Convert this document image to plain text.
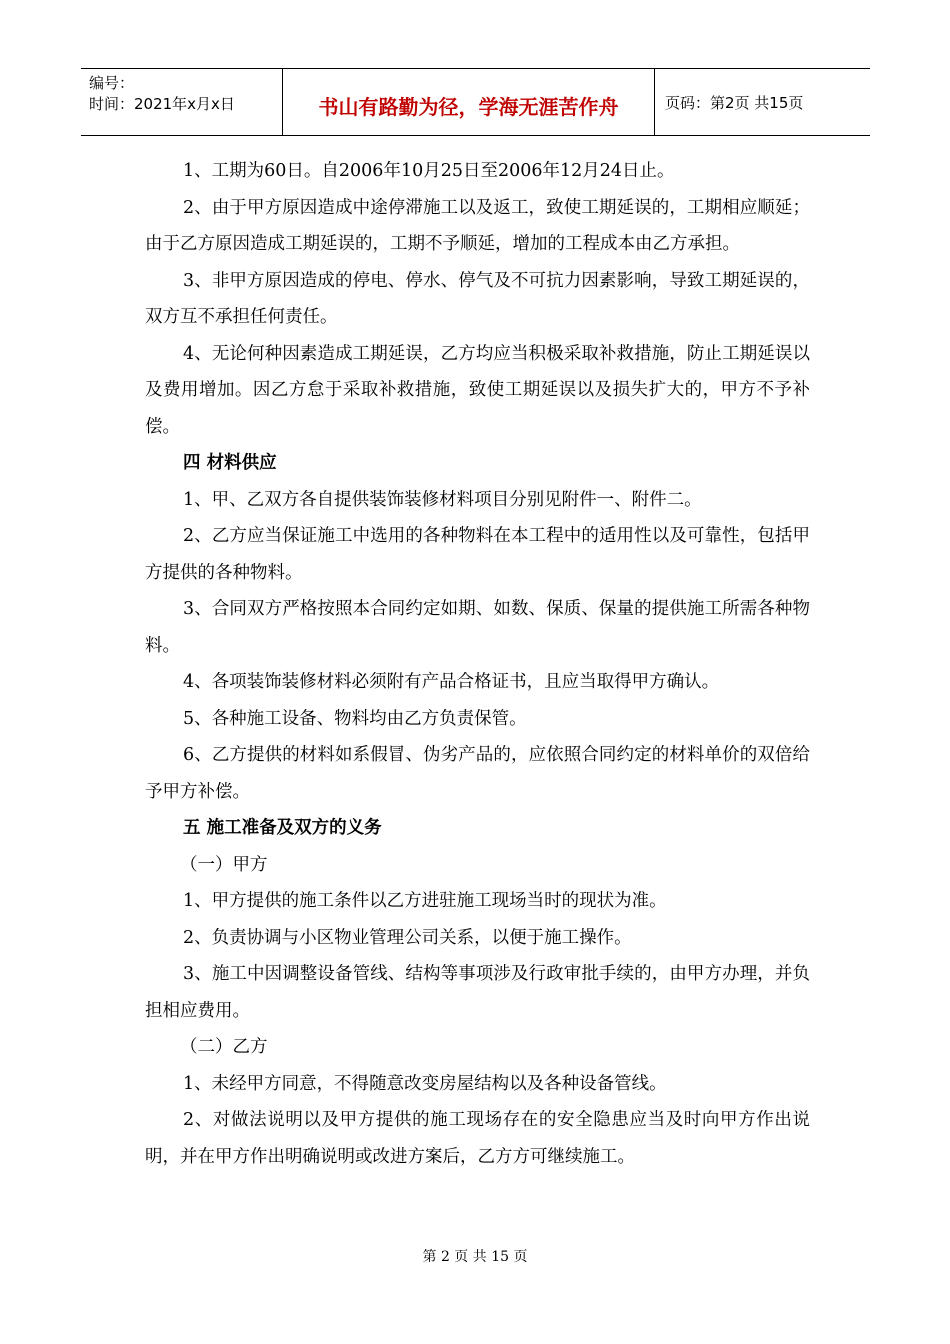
编号：
时间：2021年x月x日	书山有路勤为径，学海无涯苦作舟	页码：第2页 共15页

1、工期为60日。自2006年10月25日至2006年12月24日止。

2、由于甲方原因造成中途停滞施工以及返工，致使工期延误的，工期相应顺延；由于乙方原因造成工期延误的，工期不予顺延，增加的工程成本由乙方承担。

3、非甲方原因造成的停电、停水、停气及不可抗力因素影响，导致工期延误的，双方互不承担任何责任。

4、无论何种因素造成工期延误，乙方均应当积极采取补救措施，防止工期延误以及费用增加。因乙方怠于采取补救措施，致使工期延误以及损失扩大的，甲方不予补偿。

四 材料供应

1、甲、乙双方各自提供装饰装修材料项目分别见附件一、附件二。

2、乙方应当保证施工中选用的各种物料在本工程中的适用性以及可靠性，包括甲方提供的各种物料。

3、合同双方严格按照本合同约定如期、如数、保质、保量的提供施工所需各种物料。

4、各项装饰装修材料必须附有产品合格证书，且应当取得甲方确认。

5、各种施工设备、物料均由乙方负责保管。

6、乙方提供的材料如系假冒、伪劣产品的，应依照合同约定的材料单价的双倍给予甲方补偿。

五 施工准备及双方的义务

（一）甲方

1、甲方提供的施工条件以乙方进驻施工现场当时的现状为准。

2、负责协调与小区物业管理公司关系，以便于施工操作。

3、施工中因调整设备管线、结构等事项涉及行政审批手续的，由甲方办理，并负担相应费用。

（二）乙方

1、未经甲方同意，不得随意改变房屋结构以及各种设备管线。

2、对做法说明以及甲方提供的施工现场存在的安全隐患应当及时向甲方作出说明，并在甲方作出明确说明或改进方案后，乙方方可继续施工。

第 2 页 共 15 页
